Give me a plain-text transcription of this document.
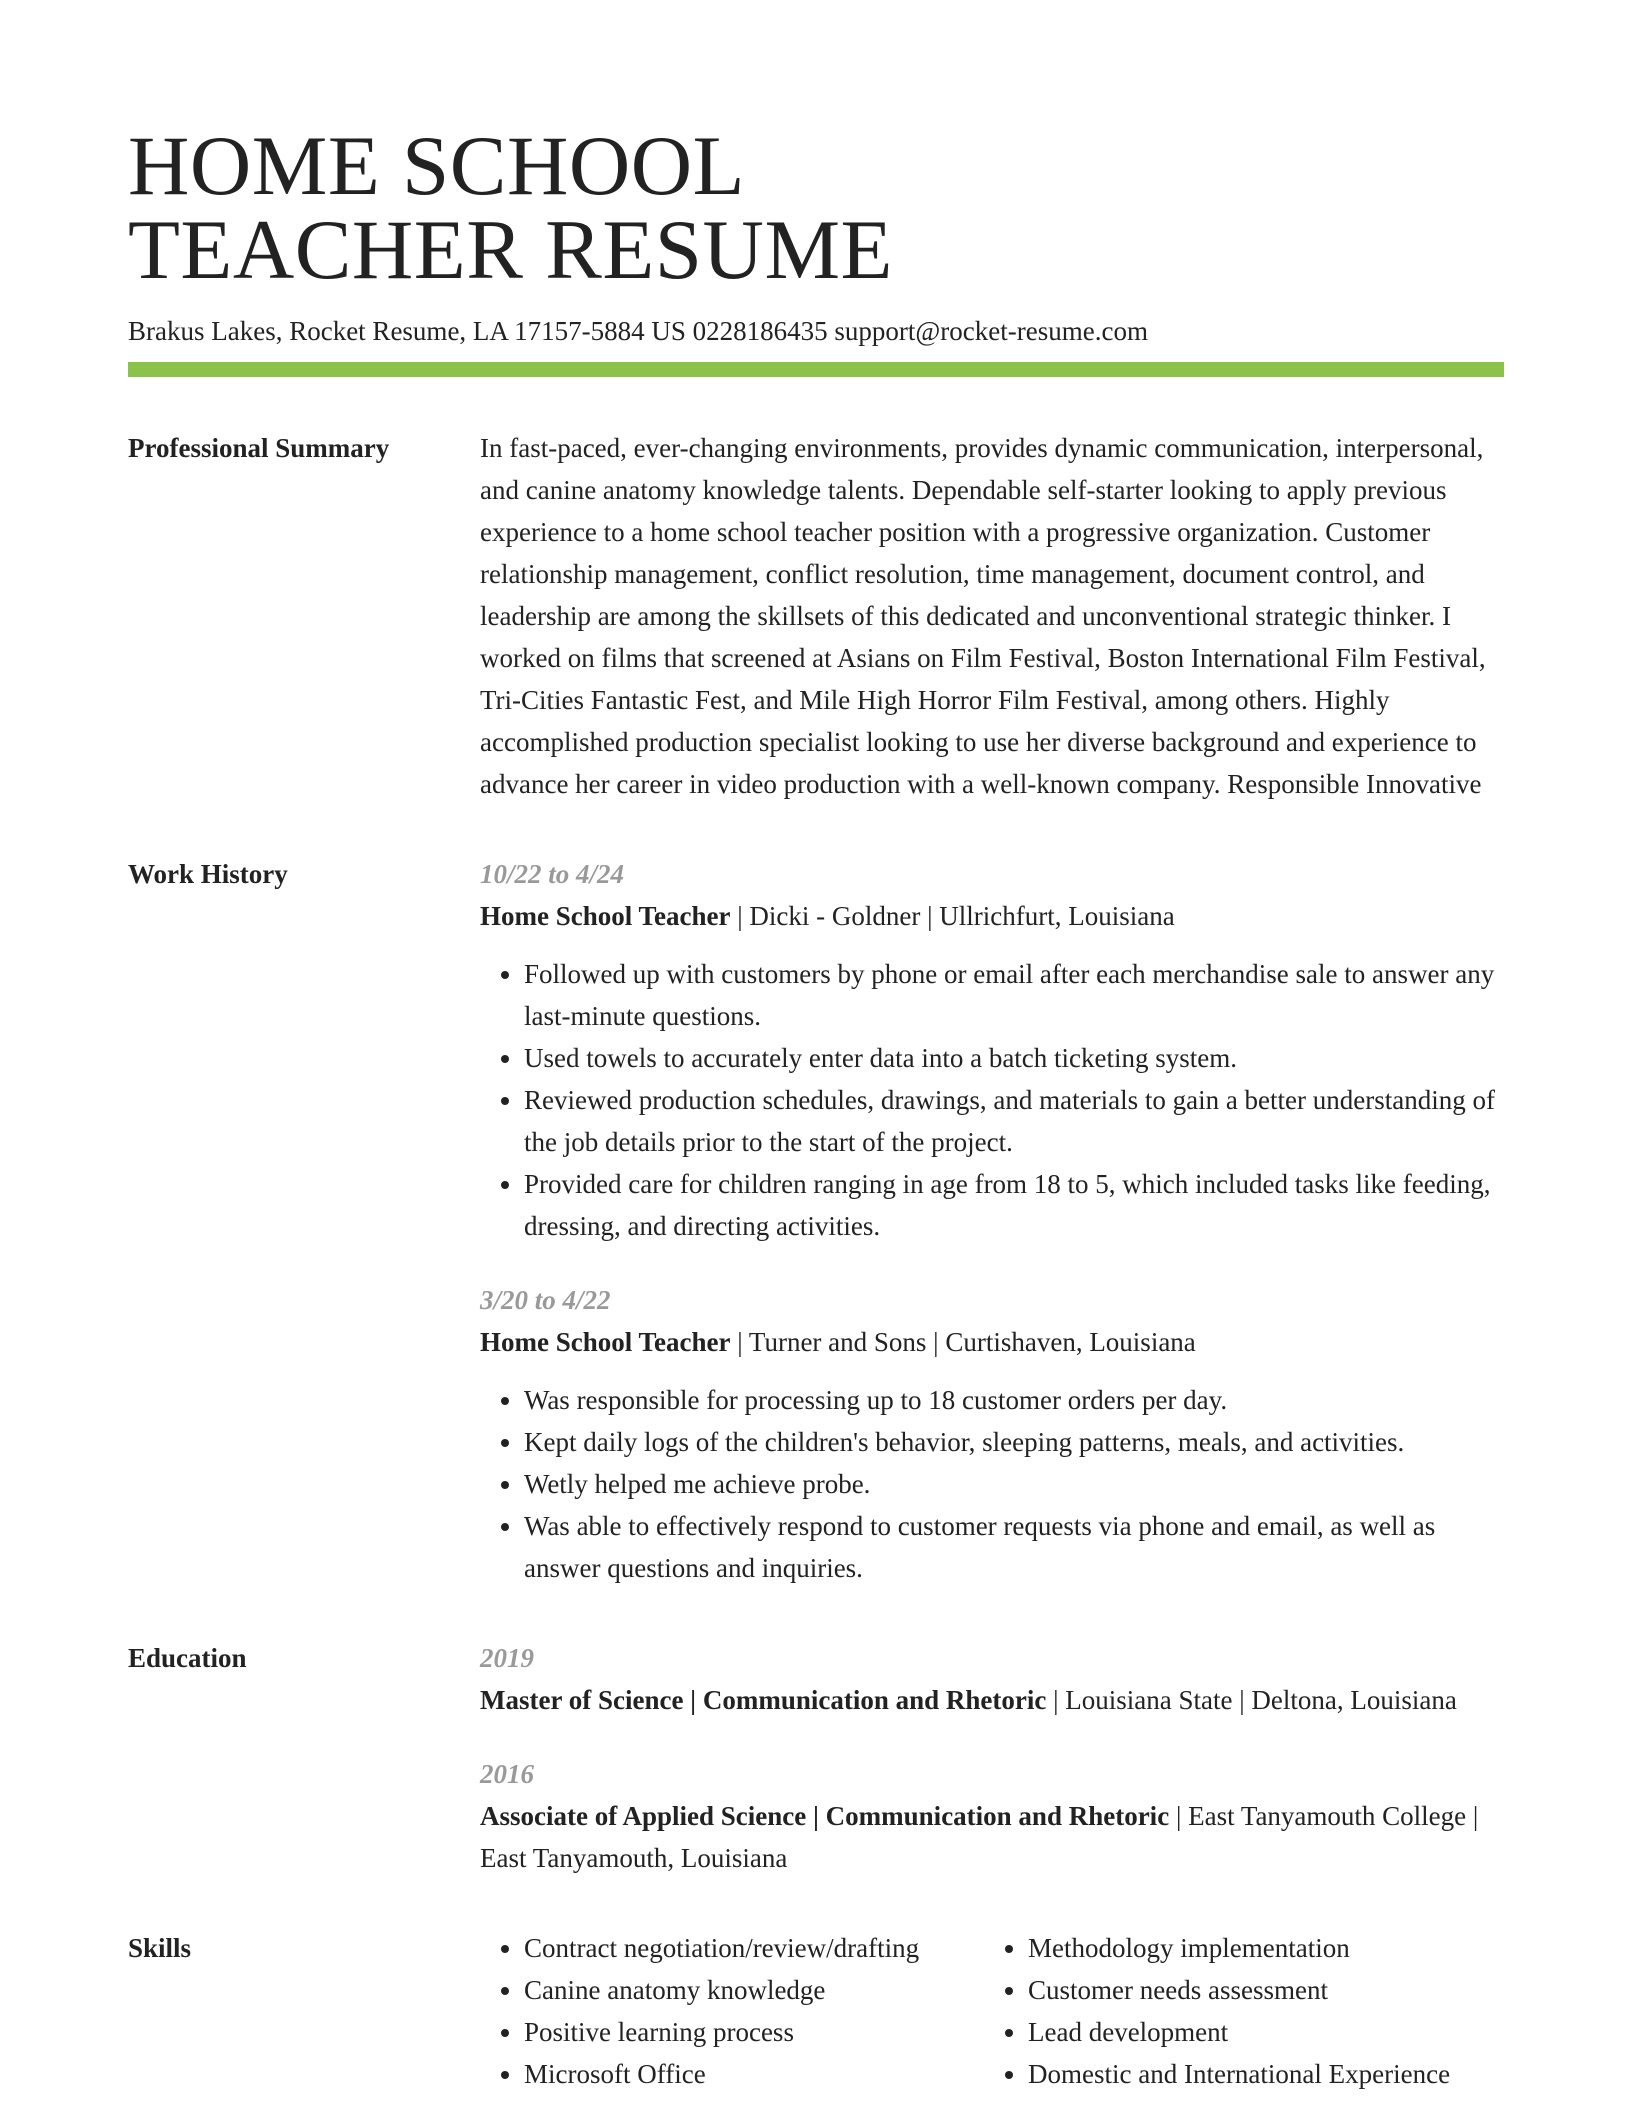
HOME SCHOOL
TEACHER RESUME
Brakus Lakes, Rocket Resume, LA 17157-5884 US 0228186435 support@rocket-resume.com
Professional Summary	In fast-paced, ever-changing environments, provides dynamic communication, interpersonal, and canine anatomy knowledge talents. Dependable self-starter looking to apply previous experience to a home school teacher position with a progressive organization. Customer relationship management, conflict resolution, time management, document control, and leadership are among the skillsets of this dedicated and unconventional strategic thinker. I worked on films that screened at Asians on Film Festival, Boston International Film Festival, Tri-Cities Fantastic Fest, and Mile High Horror Film Festival, among others. Highly accomplished production specialist looking to use her diverse background and experience to advance her career in video production with a well-known company. Responsible Innovative

Work History	10/22 to 4/24
Home School Teacher | Dicki - Goldner | Ullrichfurt, Louisiana
• Followed up with customers by phone or email after each merchandise sale to answer any last-minute questions.
• Used towels to accurately enter data into a batch ticketing system.
• Reviewed production schedules, drawings, and materials to gain a better understanding of the job details prior to the start of the project.
• Provided care for children ranging in age from 18 to 5, which included tasks like feeding, dressing, and directing activities.
3/20 to 4/22
Home School Teacher | Turner and Sons | Curtishaven, Louisiana
• Was responsible for processing up to 18 customer orders per day.
• Kept daily logs of the children's behavior, sleeping patterns, meals, and activities.
• Wetly helped me achieve probe.
• Was able to effectively respond to customer requests via phone and email, as well as answer questions and inquiries.
Education	2019
Master of Science | Communication and Rhetoric | Louisiana State | Deltona, Louisiana
2016
Associate of Applied Science | Communication and Rhetoric | East Tanyamouth College | East Tanyamouth, Louisiana
Skills
•	Contract negotiation/review/drafting
• Canine anatomy knowledge
• Positive learning process
• Microsoft Office
• Methodology implementation
• Customer needs assessment
• Lead development
• Domestic and International Experience
